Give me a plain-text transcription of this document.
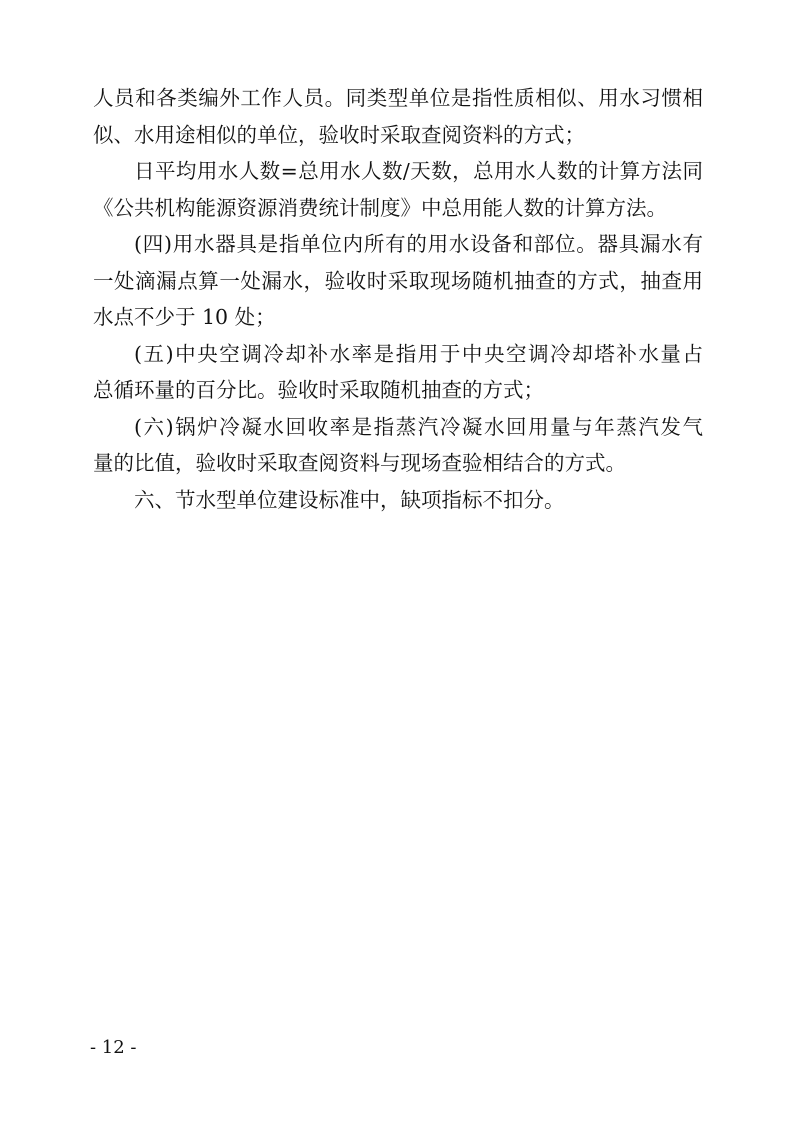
人员和各类编外工作人员。同类型单位是指性质相似、用水习惯相
似、水用途相似的单位，验收时采取查阅资料的方式；
日平均用水人数=总用水人数/天数，总用水人数的计算方法同
《公共机构能源资源消费统计制度》中总用能人数的计算方法。
(四)用水器具是指单位内所有的用水设备和部位。器具漏水有
一处滴漏点算一处漏水，验收时采取现场随机抽查的方式，抽查用
水点不少于 10 处；
(五)中央空调冷却补水率是指用于中央空调冷却塔补水量占
总循环量的百分比。验收时采取随机抽查的方式；
(六)锅炉冷凝水回收率是指蒸汽冷凝水回用量与年蒸汽发气
量的比值，验收时采取查阅资料与现场查验相结合的方式。
六、节水型单位建设标准中，缺项指标不扣分。
- 12 -
